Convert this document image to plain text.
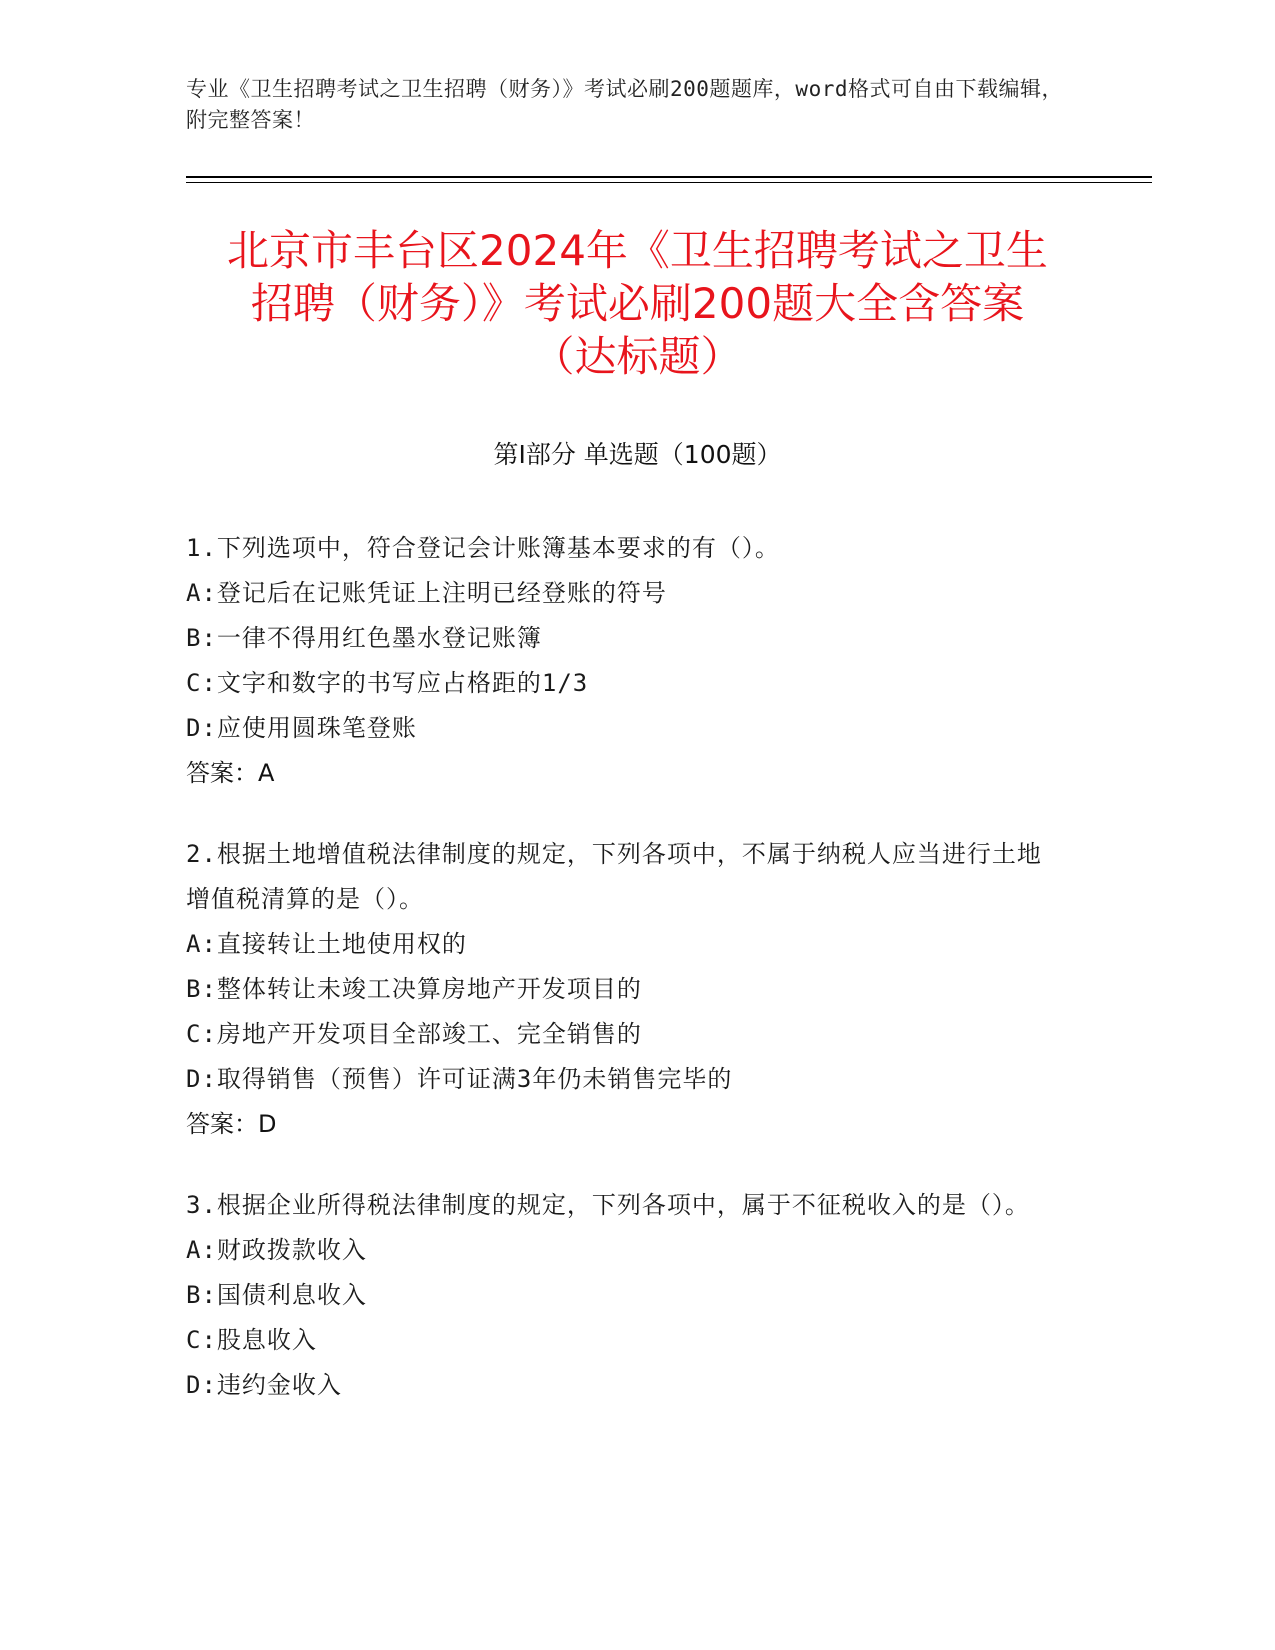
专业《卫生招聘考试之卫生招聘（财务）》考试必刷200题题库，word格式可自由下载编辑，附完整答案！
北京市丰台区2024年《卫生招聘考试之卫生
招聘（财务）》考试必刷200题大全含答案
（达标题）
第Ⅰ部分 单选题（100题）
1.下列选项中，符合登记会计账簿基本要求的有（）。
A:登记后在记账凭证上注明已经登账的符号
B:一律不得用红色墨水登记账簿
C:文字和数字的书写应占格距的1/3
D:应使用圆珠笔登账
答案：A
2.根据土地增值税法律制度的规定，下列各项中，不属于纳税人应当进行土地增值税清算的是（）。
A:直接转让土地使用权的
B:整体转让未竣工决算房地产开发项目的
C:房地产开发项目全部竣工、完全销售的
D:取得销售（预售）许可证满3年仍未销售完毕的
答案：D
3.根据企业所得税法律制度的规定，下列各项中，属于不征税收入的是（）。
A:财政拨款收入
B:国债利息收入
C:股息收入
D:违约金收入
